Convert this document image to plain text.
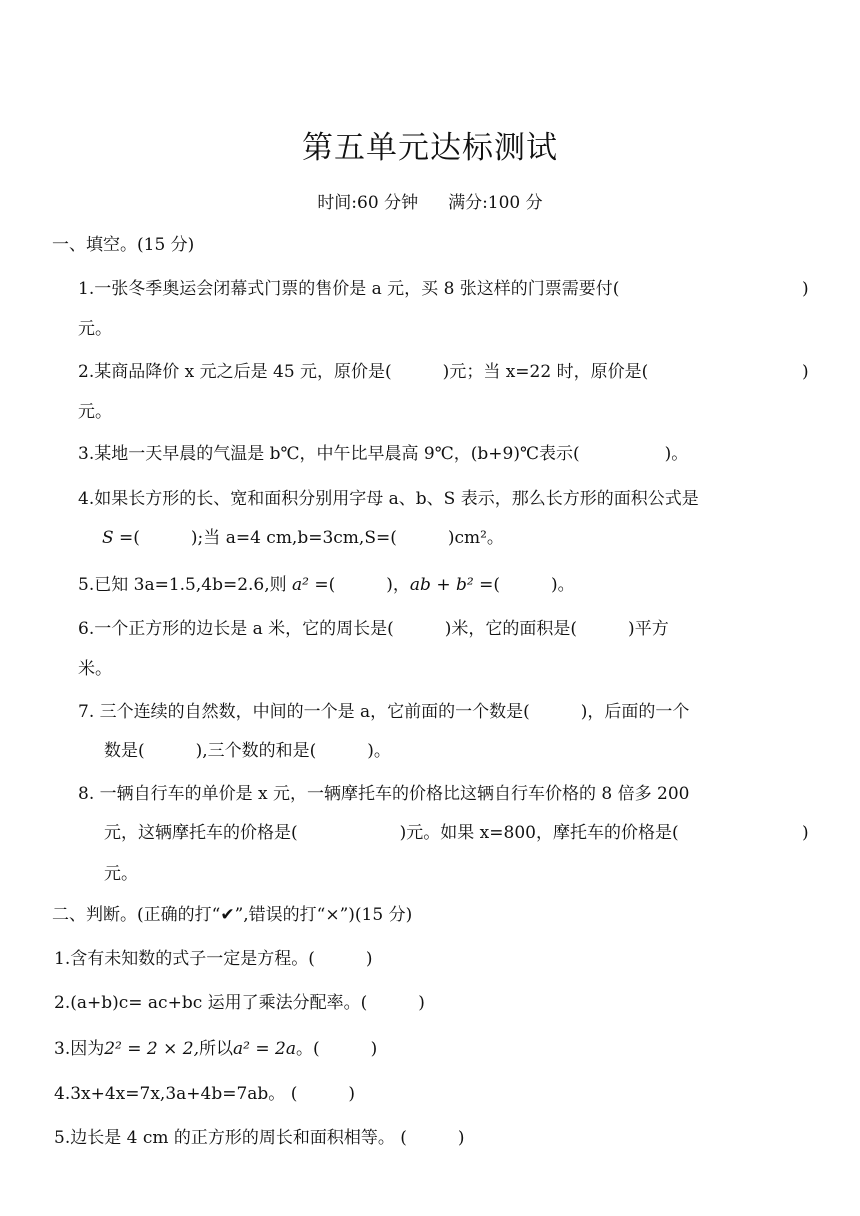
第五单元达标测试
时间:60 分钟 满分:100 分
一、填空。(15 分)
1.一张冬季奥运会闭幕式门票的售价是 a 元，买 8 张这样的门票需要付(	)
元。
2.某商品降价 x 元之后是 45 元，原价是(　　　)元；当 x=22 时，原价是(	)
元。
3.某地一天早晨的气温是 b℃，中午比早晨高 9℃，(b+9)℃表示(　　　　　)。
4.如果长方形的长、宽和面积分别用字母 a、b、S 表示，那么长方形的面积公式是
S =(　　　);当 a=4 cm,b=3cm,S=(　　　)cm²。
5.已知 3a=1.5,4b=2.6,则 a² =(　　　)，ab + b² =(　　　)。
6.一个正方形的边长是 a 米，它的周长是(　　　)米，它的面积是(　　　)平方
米。
7. 三个连续的自然数，中间的一个是 a，它前面的一个数是(　　　)，后面的一个
数是(　　　),三个数的和是(　　　)。
8. 一辆自行车的单价是 x 元，一辆摩托车的价格比这辆自行车价格的 8 倍多 200
元，这辆摩托车的价格是(　　　　　　)元。如果 x=800，摩托车的价格是(	)
元。
二、判断。(正确的打“✔”,错误的打“×”)(15 分)
1.含有未知数的式子一定是方程。(　　　)
2.(a+b)c= ac+bc 运用了乘法分配率。(　　　)
3.因为2² = 2 × 2,所以a² = 2a。(　　　)
4.3x+4x=7x,3a+4b=7ab。 (　　　)
5.边长是 4 cm 的正方形的周长和面积相等。 (　　　)
